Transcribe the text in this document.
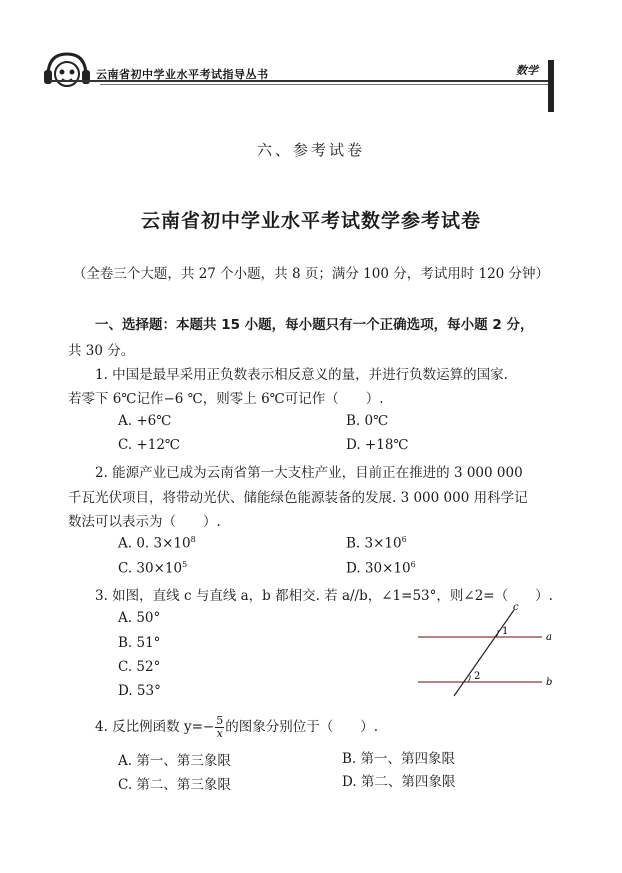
云南省初中学业水平考试指导丛书	数学
六、参考试卷
云南省初中学业水平考试数学参考试卷
（全卷三个大题，共 27 个小题，共 8 页；满分 100 分，考试用时 120 分钟）
一、选择题：本题共 15 小题，每小题只有一个正确选项，每小题 2 分，
共 30 分。
1. 中国是最早采用正负数表示相反意义的量，并进行负数运算的国家.
若零下 6℃记作−6 ℃，则零上 6℃可记作（　　）.
A. +6℃	B. 0℃
C. +12℃	D. +18℃
2. 能源产业已成为云南省第一大支柱产业，目前正在推进的 3 000 000
千瓦光伏项目，将带动光伏、储能绿色能源装备的发展. 3 000 000 用科学记
数法可以表示为（　　）.
A. 0. $3\times 10^8$	B. $3\times 10^6$
C. $30\times 10^5$	D. $30\times 10^6$
3. 如图，直线 c 与直线 a，b 都相交. 若 a//b，∠1=53°，则∠2=（　　）.
A. 50°
B. 51°
C. 52°
D. 53°
c
a
b
1
2
4. 反比例函数 $y=- \frac{5}{x}$ 的图象分别位于（　　）.
A. 第一、第三象限	B. 第一、第四象限
C. 第二、第三象限	D. 第二、第四象限
